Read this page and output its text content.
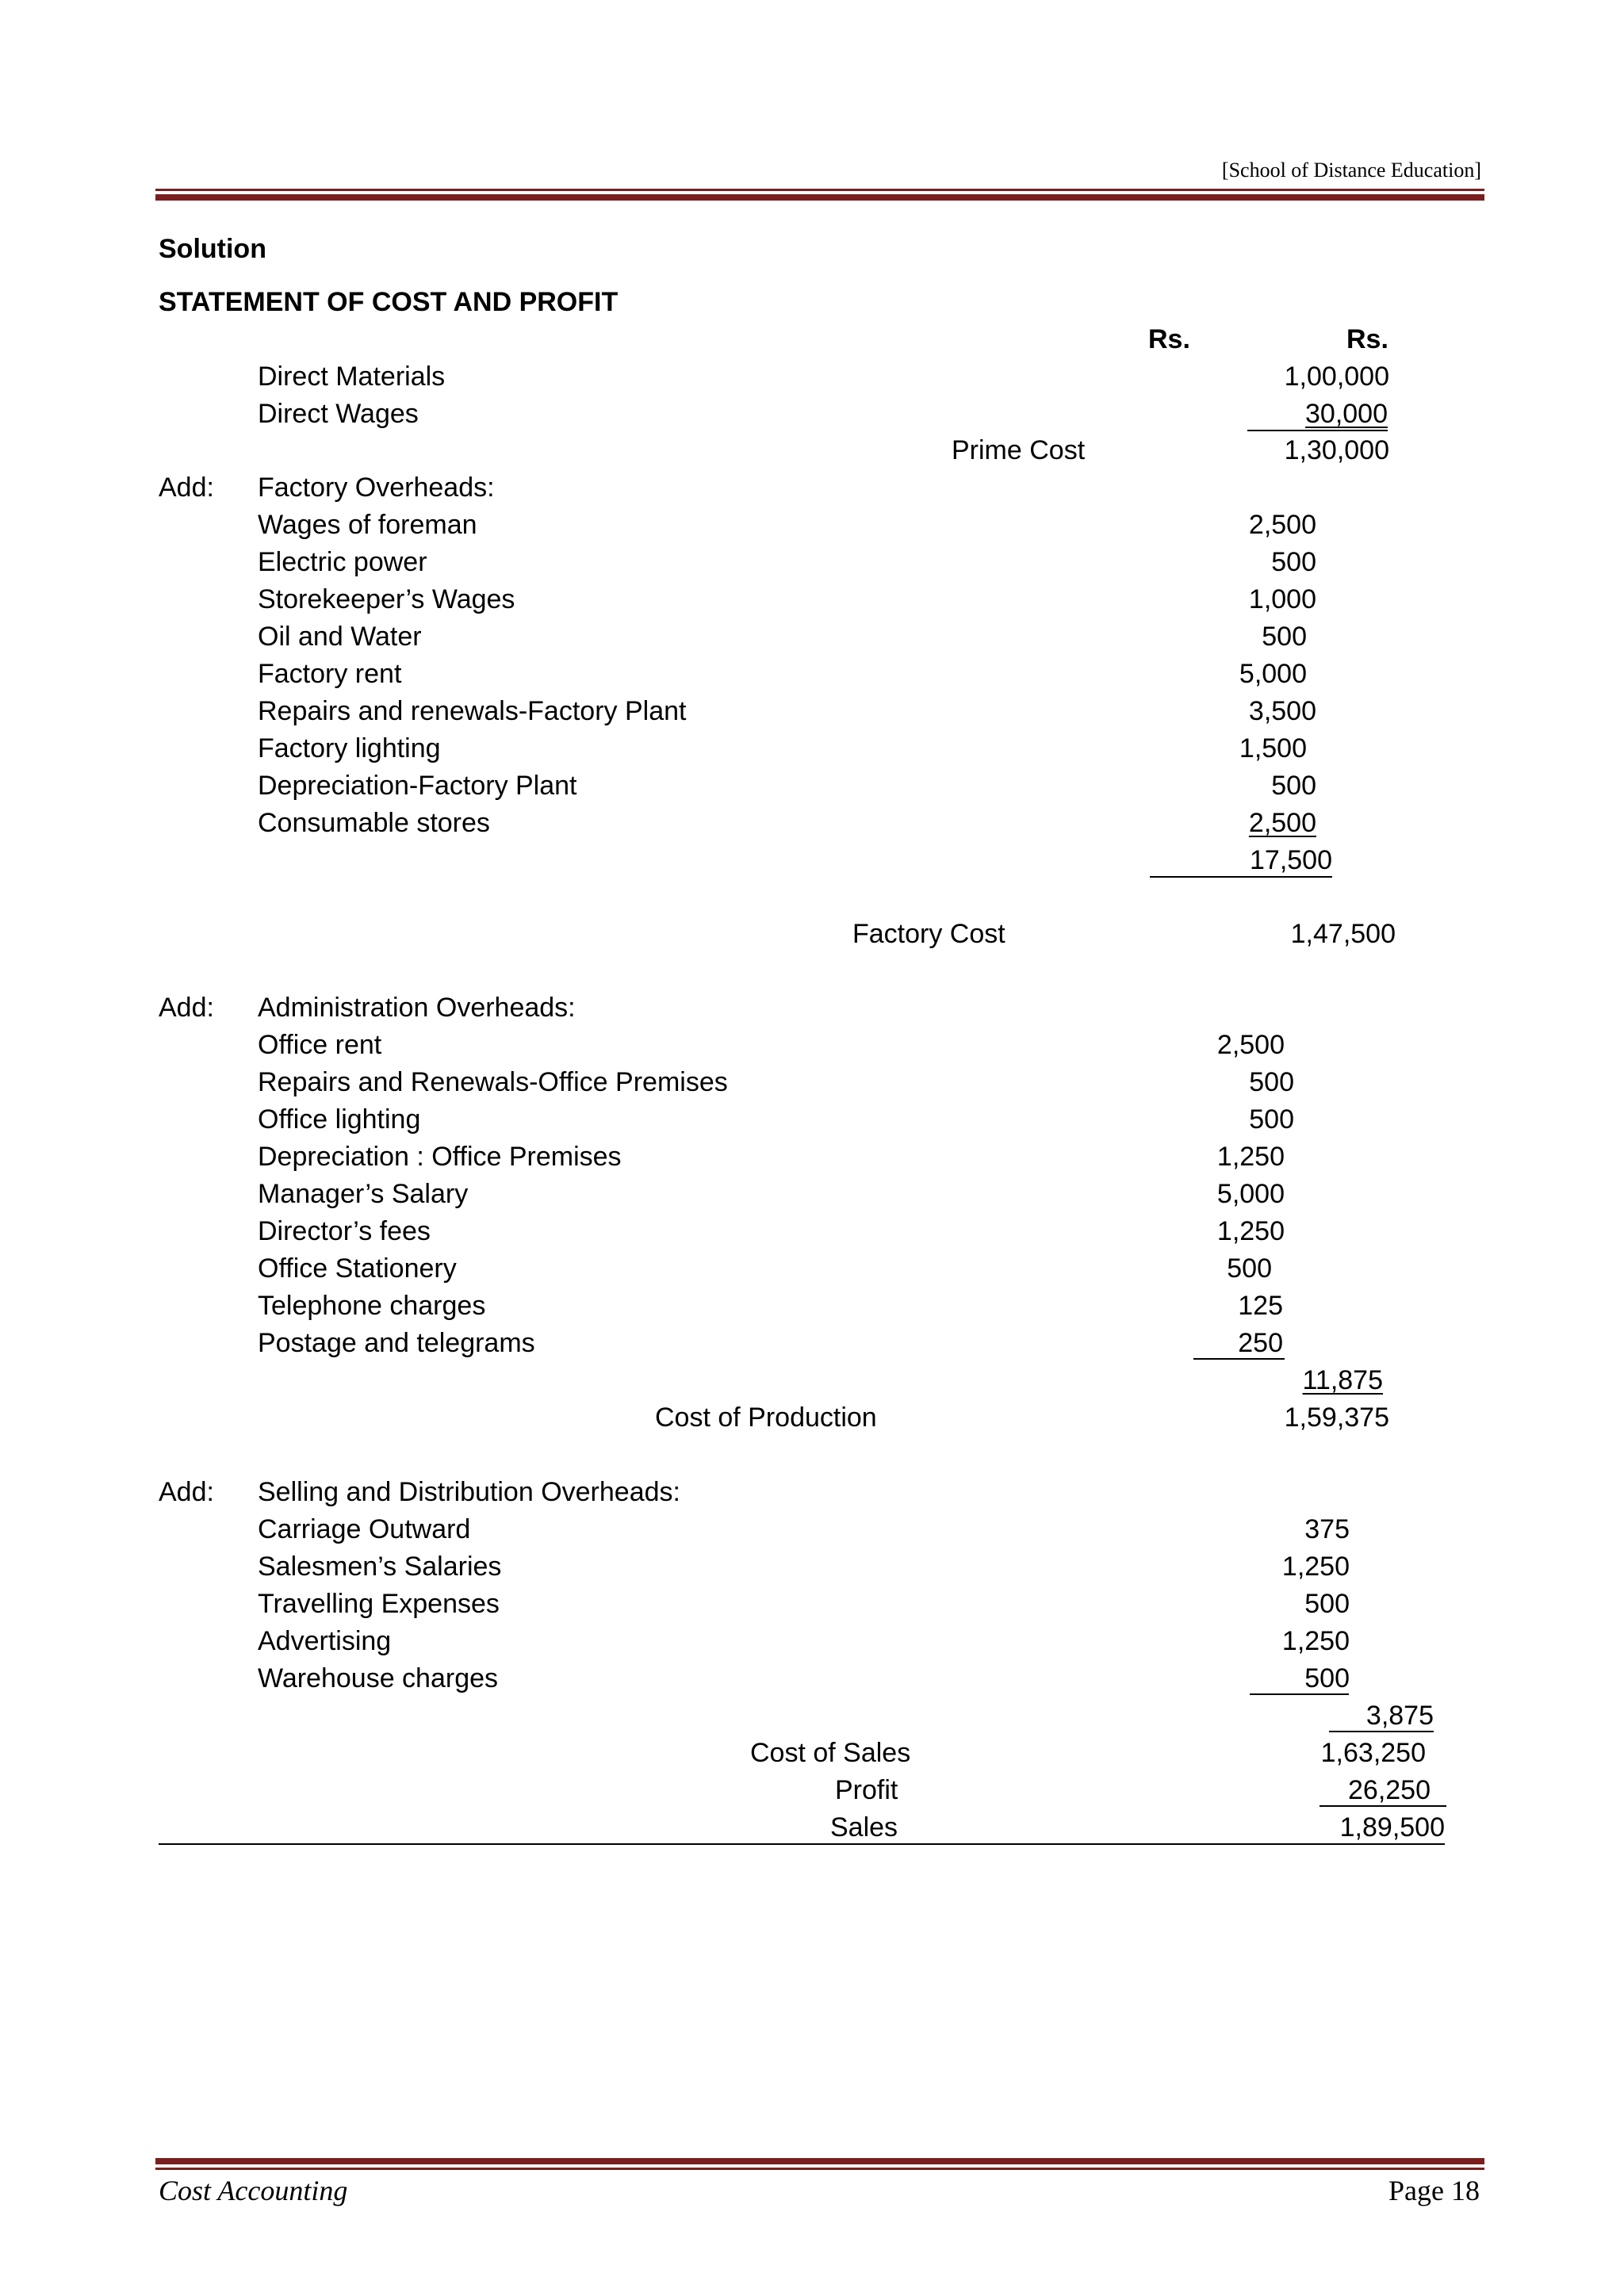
[School of Distance Education]
Solution
STATEMENT OF COST AND PROFIT
Rs.	Rs.
Direct Materials	1,00,000
Direct Wages	30,000
Prime Cost	1,30,000
Add: Factory Overheads:
Wages of foreman	2,500
Electric power	500
Storekeeper’s Wages	1,000
Oil and Water	500
Factory rent	5,000
Repairs and renewals-Factory Plant	3,500
Factory lighting	1,500
Depreciation-Factory Plant	500
Consumable stores	2,500
17,500
Factory Cost	1,47,500
Add: Administration Overheads:
Office rent	2,500
Repairs and Renewals-Office Premises	500
Office lighting	500
Depreciation : Office Premises	1,250
Manager’s Salary	5,000
Director’s fees	1,250
Office Stationery	500
Telephone charges	125
Postage and telegrams	250
11,875
Cost of Production	1,59,375
Add: Selling and Distribution Overheads:
Carriage Outward	375
Salesmen’s Salaries	1,250
Travelling Expenses	500
Advertising	1,250
Warehouse charges	500
3,875
Cost of Sales	1,63,250
Profit	26,250
Sales	1,89,500
Cost Accounting	Page 18
